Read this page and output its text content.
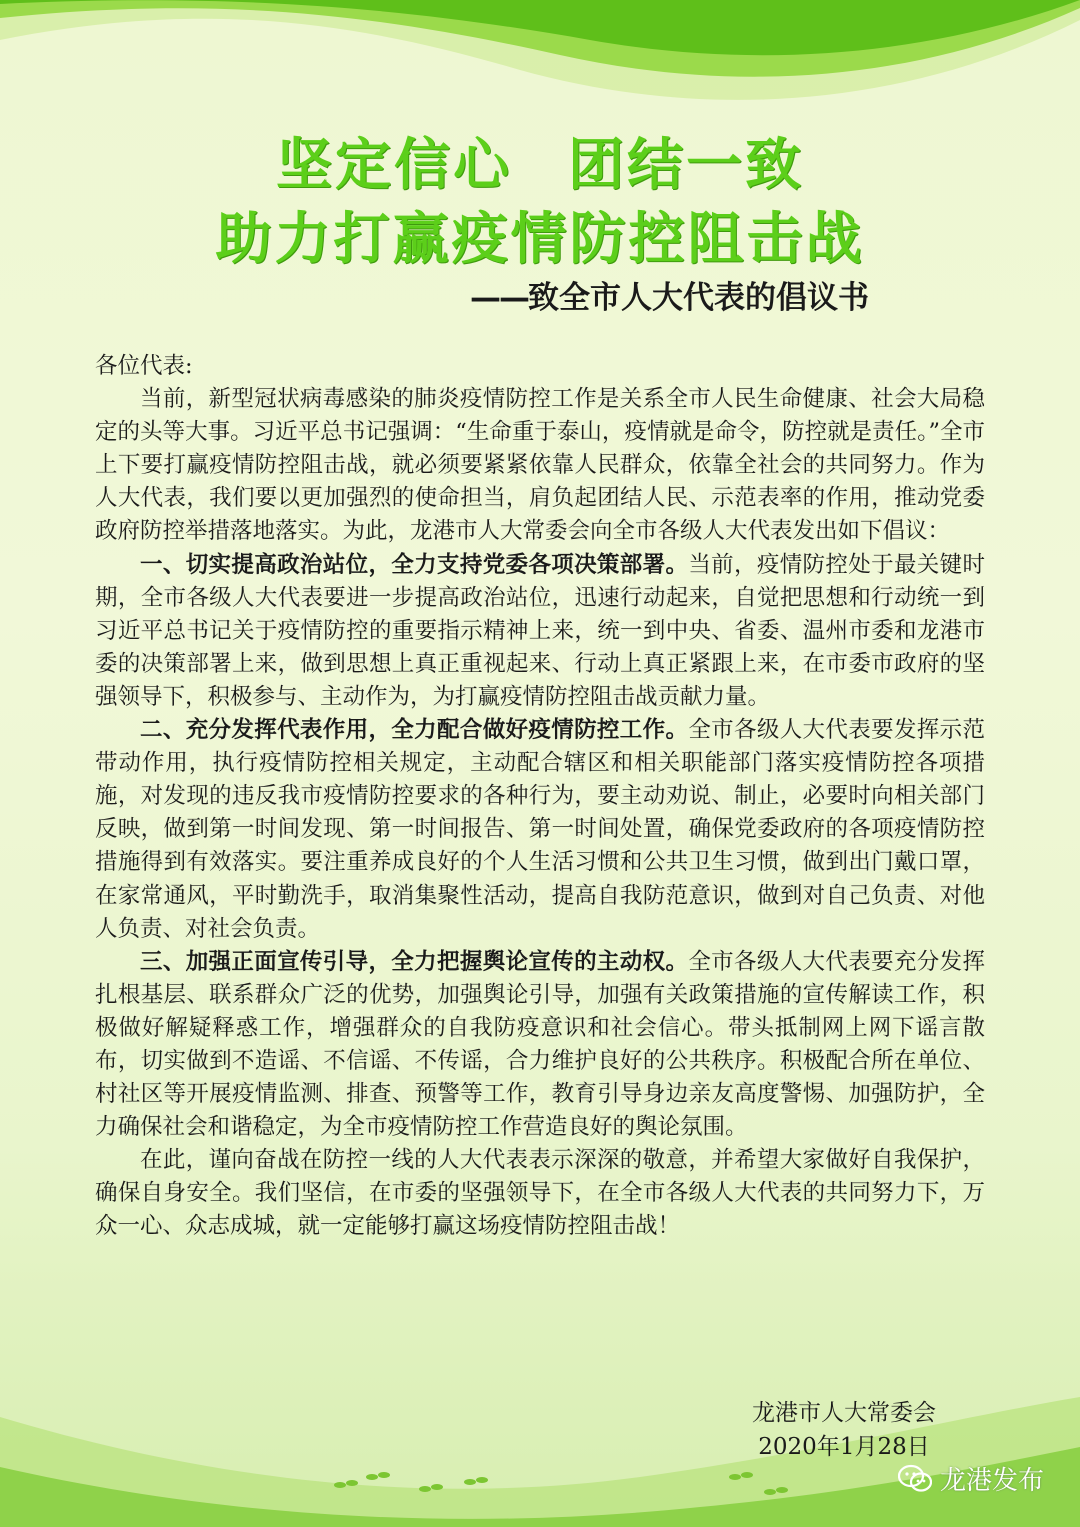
坚定信心 团结一致
助力打赢疫情防控阻击战
——致全市人大代表的倡议书

各位代表:

当前，新型冠状病毒感染的肺炎疫情防控工作是关系全市人民生命健康、社会大局稳定的头等大事。习近平总书记强调：“生命重于泰山，疫情就是命令，防控就是责任。”全市上下要打赢疫情防控阻击战，就必须要紧紧依靠人民群众，依靠全社会的共同努力。作为人大代表，我们要以更加强烈的使命担当，肩负起团结人民、示范表率的作用，推动党委政府防控举措落地落实。为此，龙港市人大常委会向全市各级人大代表发出如下倡议：

一、切实提高政治站位，全力支持党委各项决策部署。当前，疫情防控处于最关键时期，全市各级人大代表要进一步提高政治站位，迅速行动起来，自觉把思想和行动统一到习近平总书记关于疫情防控的重要指示精神上来，统一到中央、省委、温州市委和龙港市委的决策部署上来，做到思想上真正重视起来、行动上真正紧跟上来，在市委市政府的坚强领导下，积极参与、主动作为，为打赢疫情防控阻击战贡献力量。

二、充分发挥代表作用，全力配合做好疫情防控工作。全市各级人大代表要发挥示范带动作用，执行疫情防控相关规定，主动配合辖区和相关职能部门落实疫情防控各项措施，对发现的违反我市疫情防控要求的各种行为，要主动劝说、制止，必要时向相关部门反映，做到第一时间发现、第一时间报告、第一时间处置，确保党委政府的各项疫情防控措施得到有效落实。要注重养成良好的个人生活习惯和公共卫生习惯，做到出门戴口罩，在家常通风，平时勤洗手，取消集聚性活动，提高自我防范意识，做到对自己负责、对他人负责、对社会负责。

三、加强正面宣传引导，全力把握舆论宣传的主动权。全市各级人大代表要充分发挥扎根基层、联系群众广泛的优势，加强舆论引导，加强有关政策措施的宣传解读工作，积极做好解疑释惑工作，增强群众的自我防疫意识和社会信心。带头抵制网上网下谣言散布，切实做到不造谣、不信谣、不传谣，合力维护良好的公共秩序。积极配合所在单位、村社区等开展疫情监测、排查、预警等工作，教育引导身边亲友高度警惕、加强防护，全力确保社会和谐稳定，为全市疫情防控工作营造良好的舆论氛围。

在此，谨向奋战在防控一线的人大代表表示深深的敬意，并希望大家做好自我保护，确保自身安全。我们坚信，在市委的坚强领导下，在全市各级人大代表的共同努力下，万众一心、众志成城，就一定能够打赢这场疫情防控阻击战！

龙港市人大常委会
2020年1月28日
龙港发布
